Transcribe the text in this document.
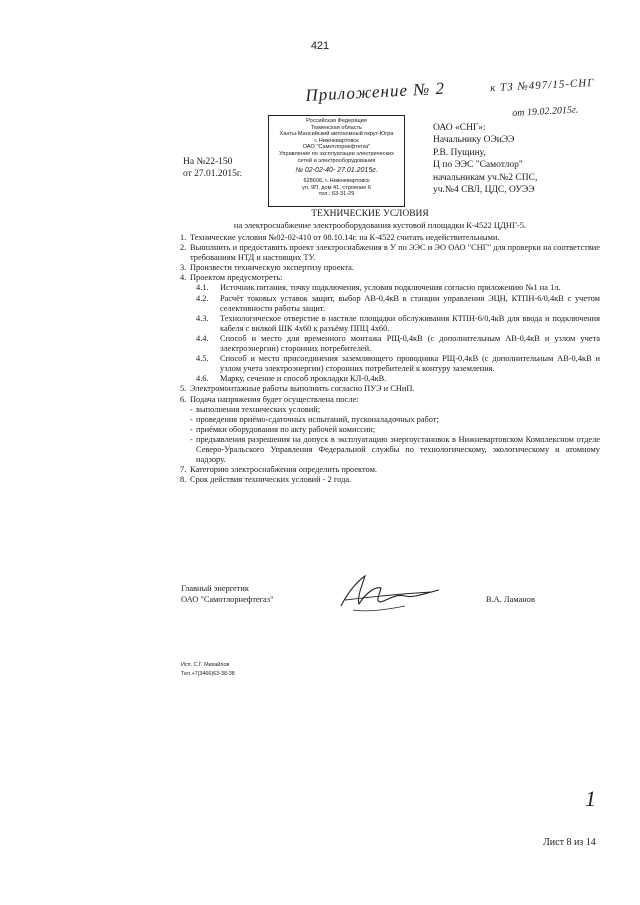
421
Приложение № 2	к ТЗ №497/15-СНГ
от 19.02.2015г.
Российская Федерация
Тюменская область
Ханты-Мансийский автономный округ-Югра
г. Нижневартовск
ОАО "Самотлорнефтегаз"
Управление по эксплуатации электрических
сетей и электрооборудования
№ 02-02-40- 27.01.2015г.
628606, г. Нижневартовск
ул. 9П, дом 41, строение 6
тел.: 63-31-29
На №22-150
от 27.01.2015г.
ОАО «СНГ»:
Начальнику ОЭиЭЭ
Р.В. Пущину,
Ц по ЭЭС "Самотлор"
начальникам уч.№2 СПС,
уч.№4 СВЛ, ЦДС, ОУЭЭ
ТЕХНИЧЕСКИЕ УСЛОВИЯ
на электроснабжение электрооборудования кустовой площадки К-4522 ЦДНГ-5.
1. Технические условия №02-02-410 от 08.10.14г. на К-4522 считать недействительными.
2. Выполнить и предоставить проект электроснабжения в У по ЭЭС и ЭО ОАО "СНГ" для проверки на соответствие требованиям НТД и настоящих ТУ.
3. Произвести техническую экспертизу проекта.
4. Проектом предусмотреть:
4.1. Источник питания, точку подключения, условия подключения согласно приложению №1 на 1л.
4.2. Расчёт токовых уставок защит, выбор АВ-0,4кВ в станции управления ЭЦН, КТПН-6/0,4кВ с учетом селективности работы защит.
4.3. Технологическое отверстие в настиле площадки обслуживания КТПН-6/0,4кВ для ввода и подключения кабеля с вилкой ШК 4х60 к разъёму ППЦ 4х60.
4.4. Способ и место для временного монтажа РЩ-0,4кВ (с дополнительным АВ-0,4кВ и узлом учета электроэнергии) сторонних потребителей.
4.5. Способ и место присоединения заземляющего проводника РЩ-0,4кВ (с дополнительным АВ-0,4кВ и узлом учета электроэнергии) сторонних потребителей к контуру заземления.
4.6. Марку, сечение и способ прокладки КЛ-0,4кВ.
5. Электромонтажные работы выполнить согласно ПУЭ и СНиП.
6. Подача напряжения будет осуществлена после:
- выполнения технических условий;
- проведения приёмо-сдаточных испытаний, пусконаладочных работ;
- приёмки оборудования по акту рабочей комиссии;
- предъявления разрешения на допуск в эксплуатацию энергоустановок в Нижневартовском Комплексном отделе Северо-Уральского Управления Федеральной службы по технологическому, экологическому и атомному надзору.
7. Категорию электроснабжения определить проектом.
8. Срок действия технических условий - 2 года.
Главный энергетик
ОАО "Самотлорнефтегаз"	В.А. Ламанов
Исп. С.Г. Михайлов
Тел.+7(3466)63-38-38
1
Лист 8 из 14
